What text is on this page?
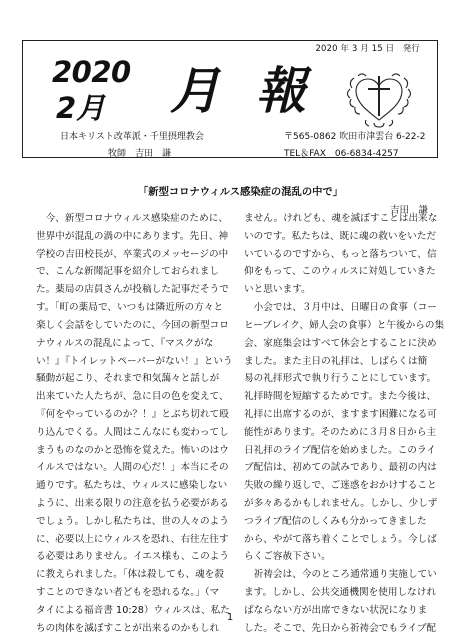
2020 年 3 月 15 日　発行
2020
2月 月 報
日本キリスト改革派・千里摂理教会
牧師　吉田　謙
〒565-0862 吹田市津雲台 6-22-2
TEL＆FAX　06-6834-4257
「新型コロナウィルス感染症の混乱の中で」
吉田　謙
　今、新型コロナウィルス感染症のために、
世界中が混乱の渦の中にあります。先日、神
学校の吉田校長が、卒業式のメッセージの中
で、こんな新聞記事を紹介しておられまし
た。薬局の店員さんが投稿した記事だそうで
す。「町の薬局で、いつもは隣近所の方々と
楽しく会話をしていたのに、今回の新型コロ
ナウィルスの混乱によって、『マスクがな
い！』『トイレットペーパーがない！』という
騒動が起こり、それまで和気藹々と話しが
出来ていた人たちが、急に目の色を変えて、
『何をやっているのか？！』とぶち切れて殴
り込んでくる。人間はこんなにも変わってし
まうものなのかと恐怖を覚えた。怖いのはウ
イルスではない。人間の心だ！」本当にその
通りです。私たちは、ウィルスに感染しない
ように、出来る限りの注意を払う必要がある
でしょう。しかし私たちは、世の人々のよう
に、必要以上にウィルスを恐れ、右往左往す
る必要はありません。イエス様も、このよう
に教えられました。「体は殺しても、魂を殺
すことのできない者どもを恐れるな。」（マ
タイによる福音書 10:28）ウィルスは、私た
ちの肉体を滅ぼすことが出来るのかもしれ
ません。けれども、魂を滅ぼすことは出来な
いのです。私たちは、既に魂の救いをいただ
いているのですから、もっと落ちついて、信
仰をもって、このウィルスに対処していきた
いと思います。
　小会では、３月中は、日曜日の食事（コー
ヒーブレイク、婦人会の食事）と午後からの集
会、家庭集会はすべて休会とすることに決め
ました。また主日の礼拝は、しばらくは簡
易の礼拝形式で執り行うことにしています。
礼拝時間を短縮するためです。また今後は、
礼拝に出席するのが、ますます困難になる可
能性があります。そのために３月８日から主
日礼拝のライブ配信を始めました。このライ
ブ配信は、初めての試みであり、最初の内は
失敗の繰り返しで、ご迷惑をおかけすること
が多々あるかもしれません。しかし、少しず
つライブ配信のしくみも分かってきました
から、やがて落ち着くことでしょう。今しば
らくご容赦下さい。
　祈祷会は、今のところ通常通り実施してい
ます。しかし、公共交通機関を使用しなけれ
ばならない方が出席できない状況になりま
した。そこで、先日から祈祷会でもライブ配
1
